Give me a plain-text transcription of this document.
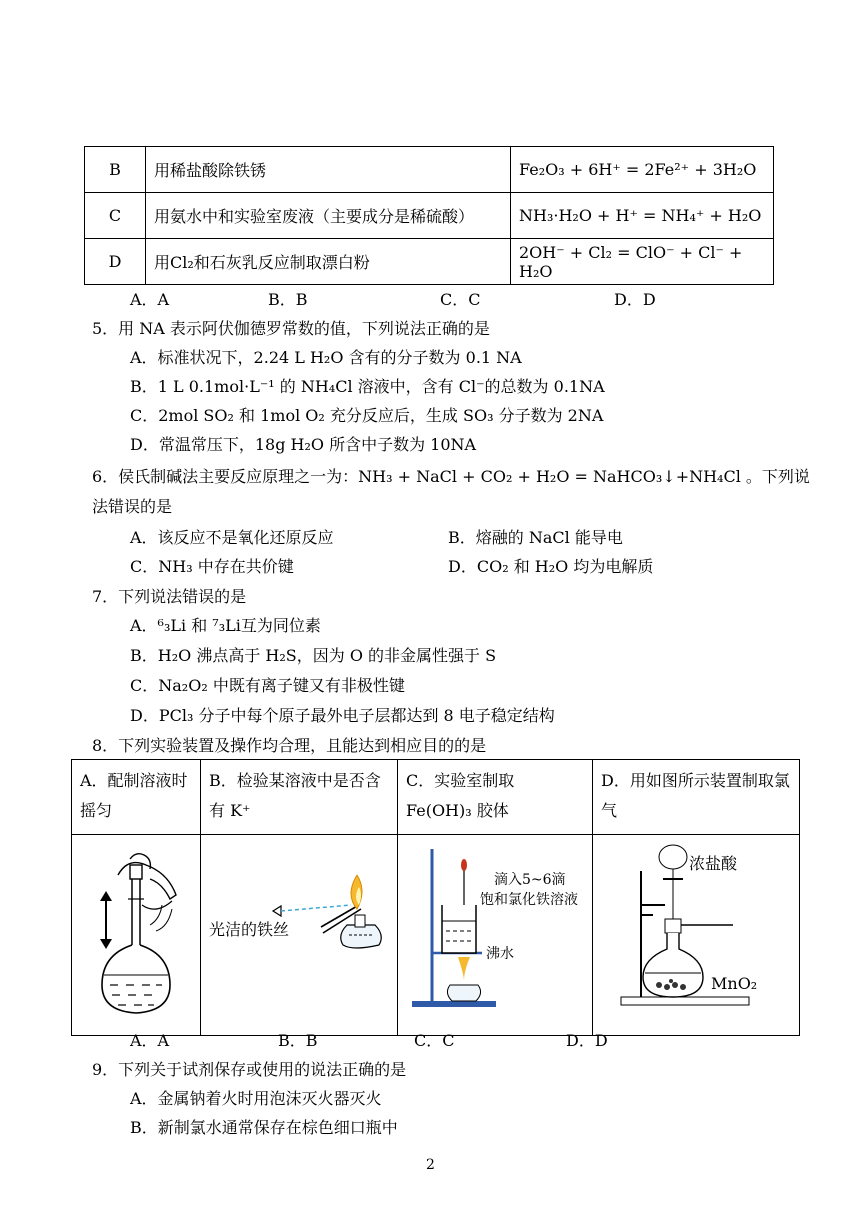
B	用稀盐酸除铁锈	Fe₂O₃ + 6H⁺ = 2Fe²⁺ + 3H₂O
C	用氨水中和实验室废液（主要成分是稀硫酸）	NH₃·H₂O + H⁺ = NH₄⁺ + H₂O
D	用Cl₂和石灰乳反应制取漂白粉	2OH⁻ + Cl₂ = ClO⁻ + Cl⁻ + H₂O
A．A	B．B	C．C	D．D
5．用 NA 表示阿伏伽德罗常数的值，下列说法正确的是
A．标准状况下，2.24 L H₂O 含有的分子数为 0.1 NA
B．1 L 0.1mol·L⁻¹ 的 NH₄Cl 溶液中，含有 Cl⁻的总数为 0.1NA
C．2mol SO₂ 和 1mol O₂ 充分反应后，生成 SO₃ 分子数为 2NA
D．常温常压下，18g H₂O 所含中子数为 10NA
6．侯氏制碱法主要反应原理之一为：NH₃ + NaCl + CO₂ + H₂O = NaHCO₃↓+NH₄Cl 。下列说
法错误的是
A．该反应不是氧化还原反应	B．熔融的 NaCl 能导电
C．NH₃ 中存在共价键	D．CO₂ 和 H₂O 均为电解质
7．下列说法错误的是
A．⁶₃Li 和 ⁷₃Li互为同位素
B．H₂O 沸点高于 H₂S，因为 O 的非金属性强于 S
C．Na₂O₂ 中既有离子键又有非极性键
D．PCl₃ 分子中每个原子最外电子层都达到 8 电子稳定结构
8．下列实验装置及操作均合理，且能达到相应目的的是
A．配制溶液时摇匀	B．检验某溶液中是否含有 K⁺	C．实验室制取 Fe(OH)₃ 胶体	D．用如图所示装置制取氯气

光洁的铁丝	滴入5~6滴
饱和氯化铁溶液
沸水	浓盐酸
MnO₂
A．A	B．B	C．C	D．D
9．下列关于试剂保存或使用的说法正确的是
A．金属钠着火时用泡沫灭火器灭火
B．新制氯水通常保存在棕色细口瓶中
2
